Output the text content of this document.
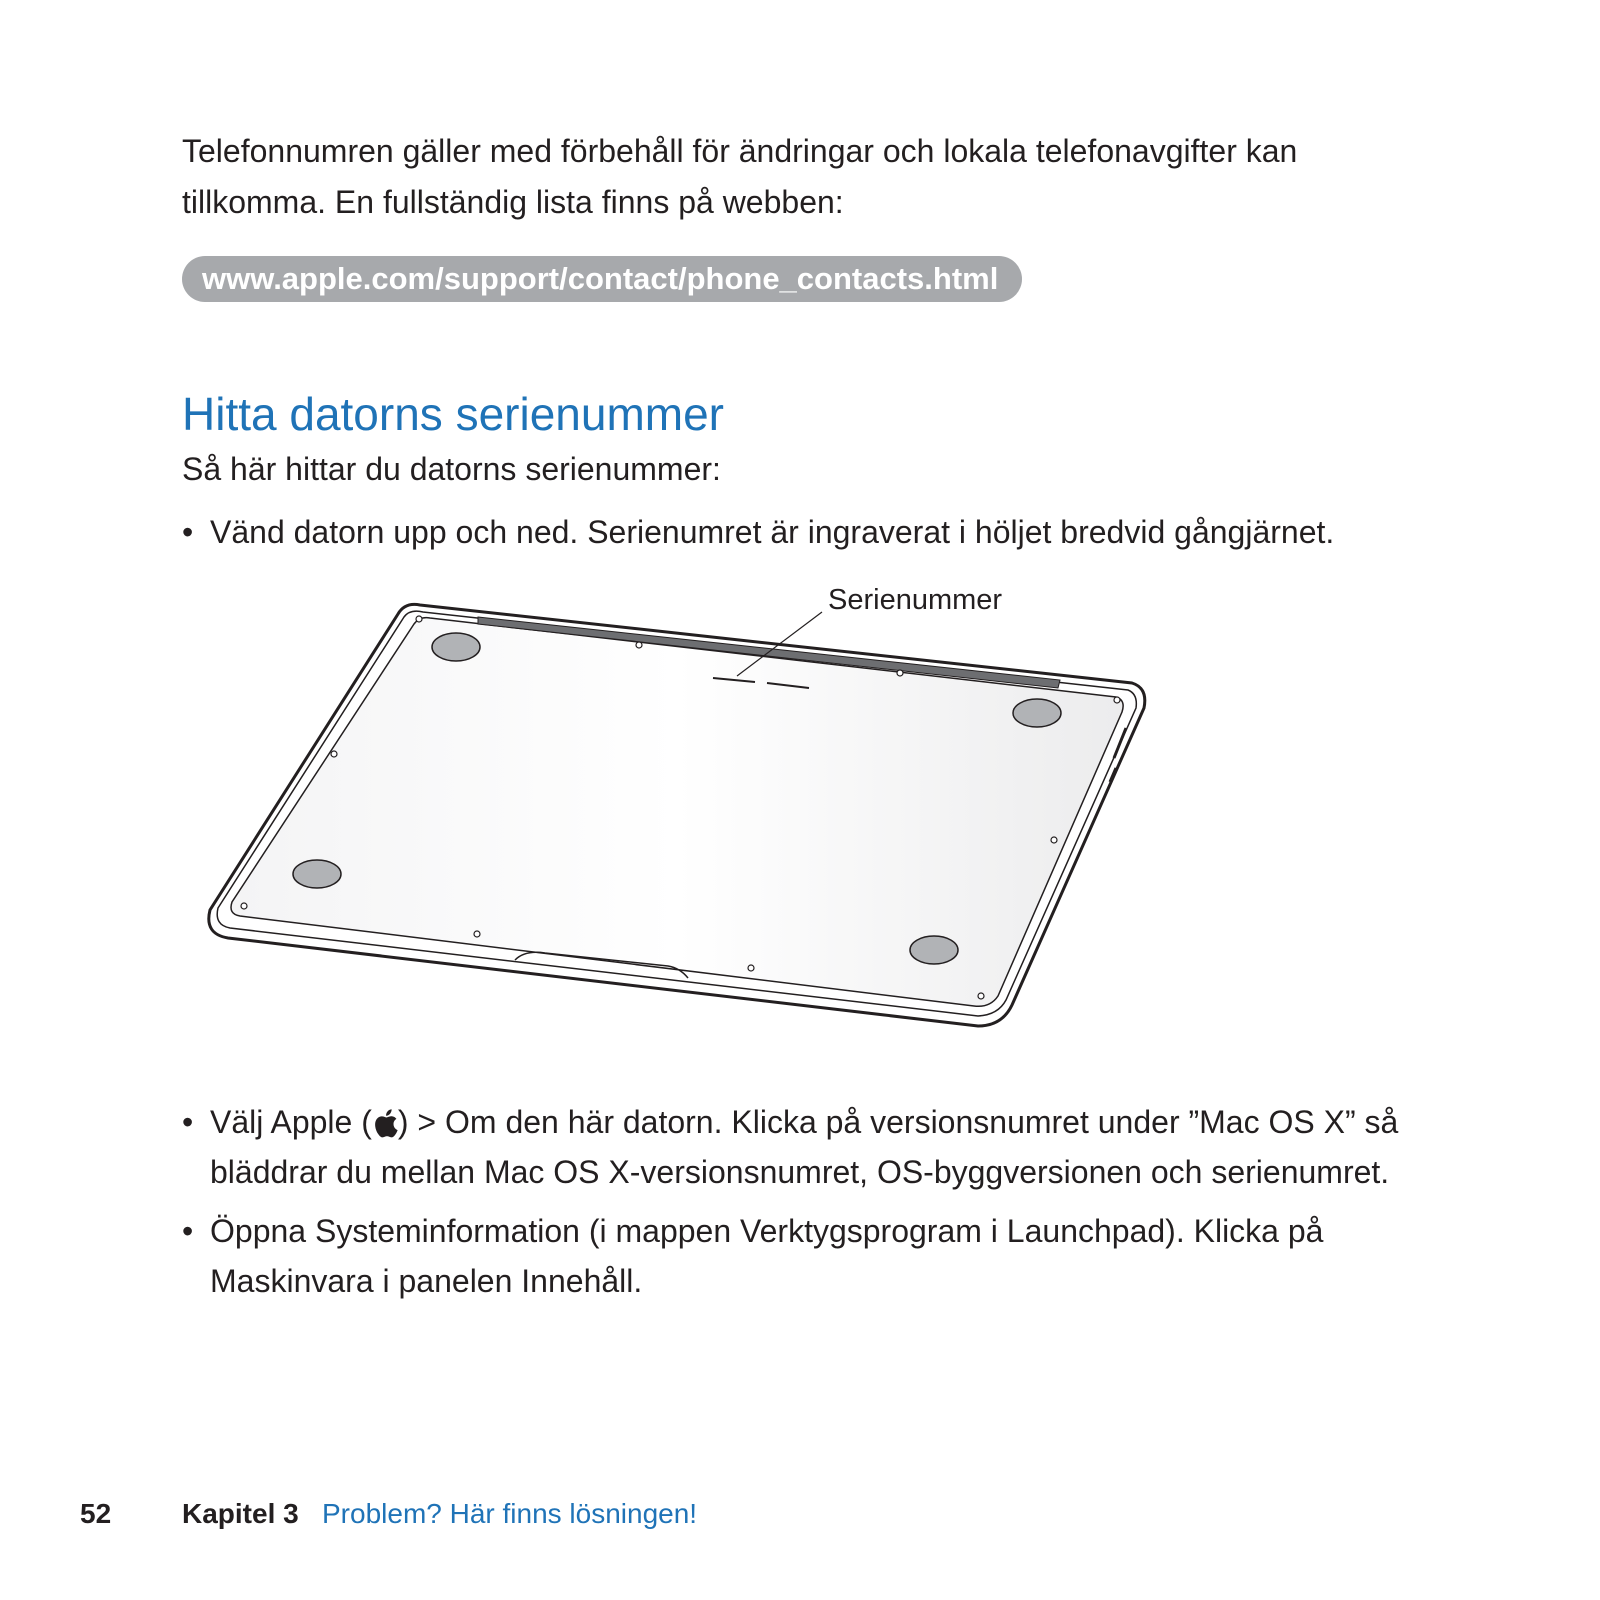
Telefonnumren gäller med förbehåll för ändringar och lokala telefonavgifter kan tillkomma. En fullständig lista finns på webben:

www.apple.com/support/contact/phone_contacts.html
Hitta datorns serienummer

Så här hittar du datorns serienummer:

• Vänd datorn upp och ned. Serienumret är ingraverat i höljet bredvid gångjärnet.

Serienummer

• Välj Apple ( ) > Om den här datorn. Klicka på versionsnumret under ”Mac OS X” så bläddrar du mellan Mac OS X-versionsnumret, OS-byggversionen och serienumret.

• Öppna Systeminformation (i mappen Verktygsprogram i Launchpad). Klicka på Maskinvara i panelen Innehåll.

52	Kapitel 3 Problem? Här finns lösningen!
